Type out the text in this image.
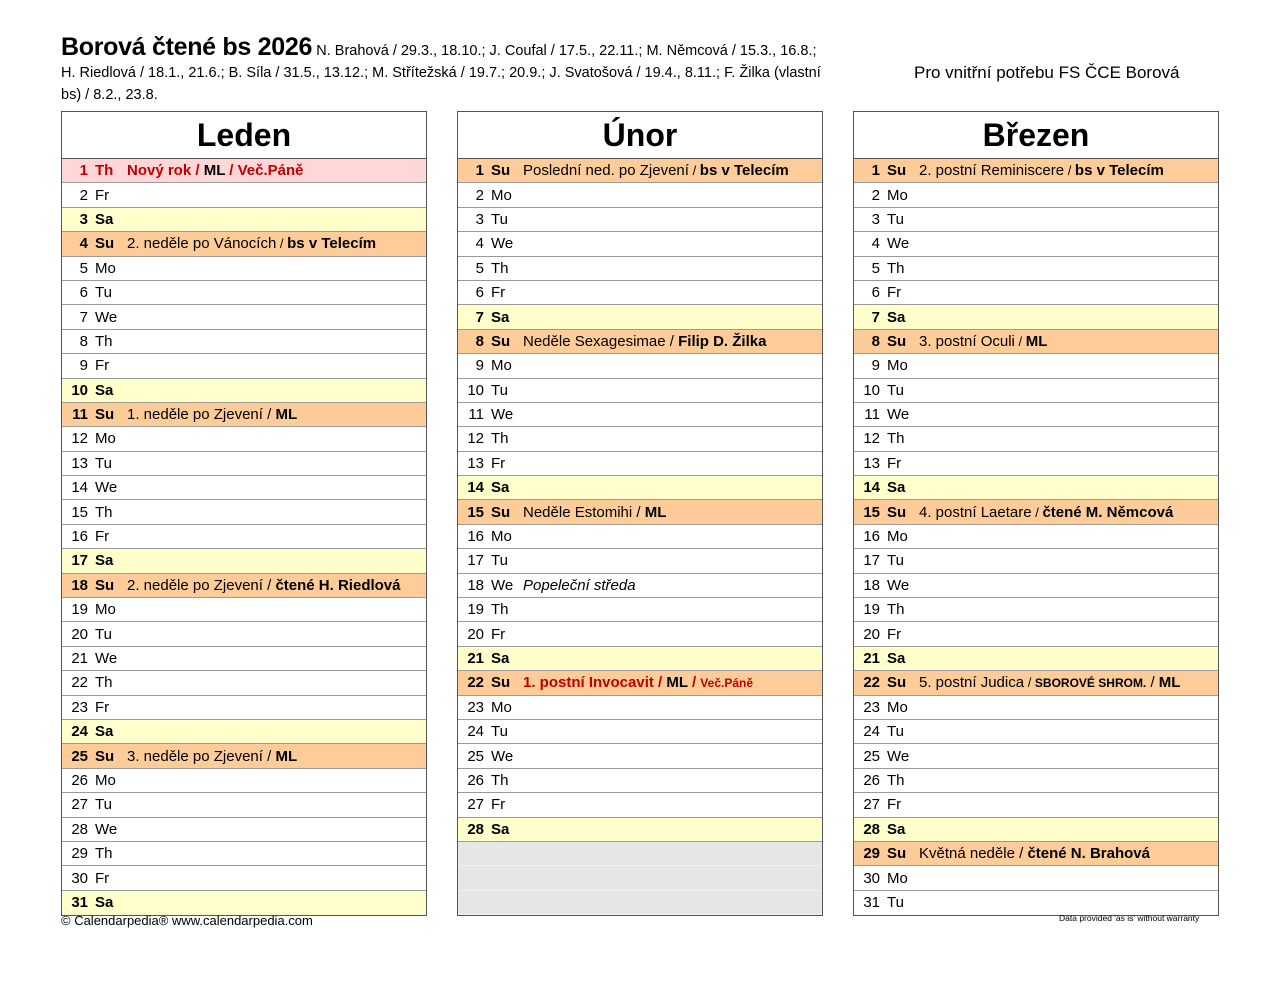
Borová čtené bs 2026 N. Brahová / 29.3., 18.10.; J. Coufal / 17.5., 22.11.; M. Němcová / 15.3., 16.8.; H. Riedlová / 18.1., 21.6.; B. Síla / 31.5., 13.12.; M. Střítežská / 19.7.; 20.9.; J. Svatošová / 19.4., 8.11.; F. Žilka (vlastní bs) / 8.2., 23.8.
Pro vnitřní potřebu FS ČCE Borová
Leden
1 Th Nový rok / ML / Več.Páně
2 Fr
3 Sa
4 Su 2. neděle po Vánocích / bs v Telecím
5 Mo
6 Tu
7 We
8 Th
9 Fr
10 Sa
11 Su 1. neděle po Zjevení / ML
12 Mo
13 Tu
14 We
15 Th
16 Fr
17 Sa
18 Su 2. neděle po Zjevení / čtené H. Riedlová
19 Mo
20 Tu
21 We
22 Th
23 Fr
24 Sa
25 Su 3. neděle po Zjevení / ML
26 Mo
27 Tu
28 We
29 Th
30 Fr
31 Sa
Únor
1 Su Poslední ned. po Zjevení / bs v Telecím
2 Mo
3 Tu
4 We
5 Th
6 Fr
7 Sa
8 Su Neděle Sexagesimae / Filip D. Žilka
9 Mo
10 Tu
11 We
12 Th
13 Fr
14 Sa
15 Su Neděle Estomihi / ML
16 Mo
17 Tu
18 We Popeleční středa
19 Th
20 Fr
21 Sa
22 Su 1. postní Invocavit / ML / Več.Páně
23 Mo
24 Tu
25 We
26 Th
27 Fr
28 Sa
Březen
1 Su 2. postní Reminiscere / bs v Telecím
2 Mo
3 Tu
4 We
5 Th
6 Fr
7 Sa
8 Su 3. postní Oculi / ML
9 Mo
10 Tu
11 We
12 Th
13 Fr
14 Sa
15 Su 4. postní Laetare / čtené M. Němcová
16 Mo
17 Tu
18 We
19 Th
20 Fr
21 Sa
22 Su 5. postní Judica / SBOROVÉ SHROM. / ML
23 Mo
24 Tu
25 We
26 Th
27 Fr
28 Sa
29 Su Květná neděle / čtené N. Brahová
30 Mo
31 Tu
© Calendarpedia® www.calendarpedia.com	Data provided 'as is' without warranty
